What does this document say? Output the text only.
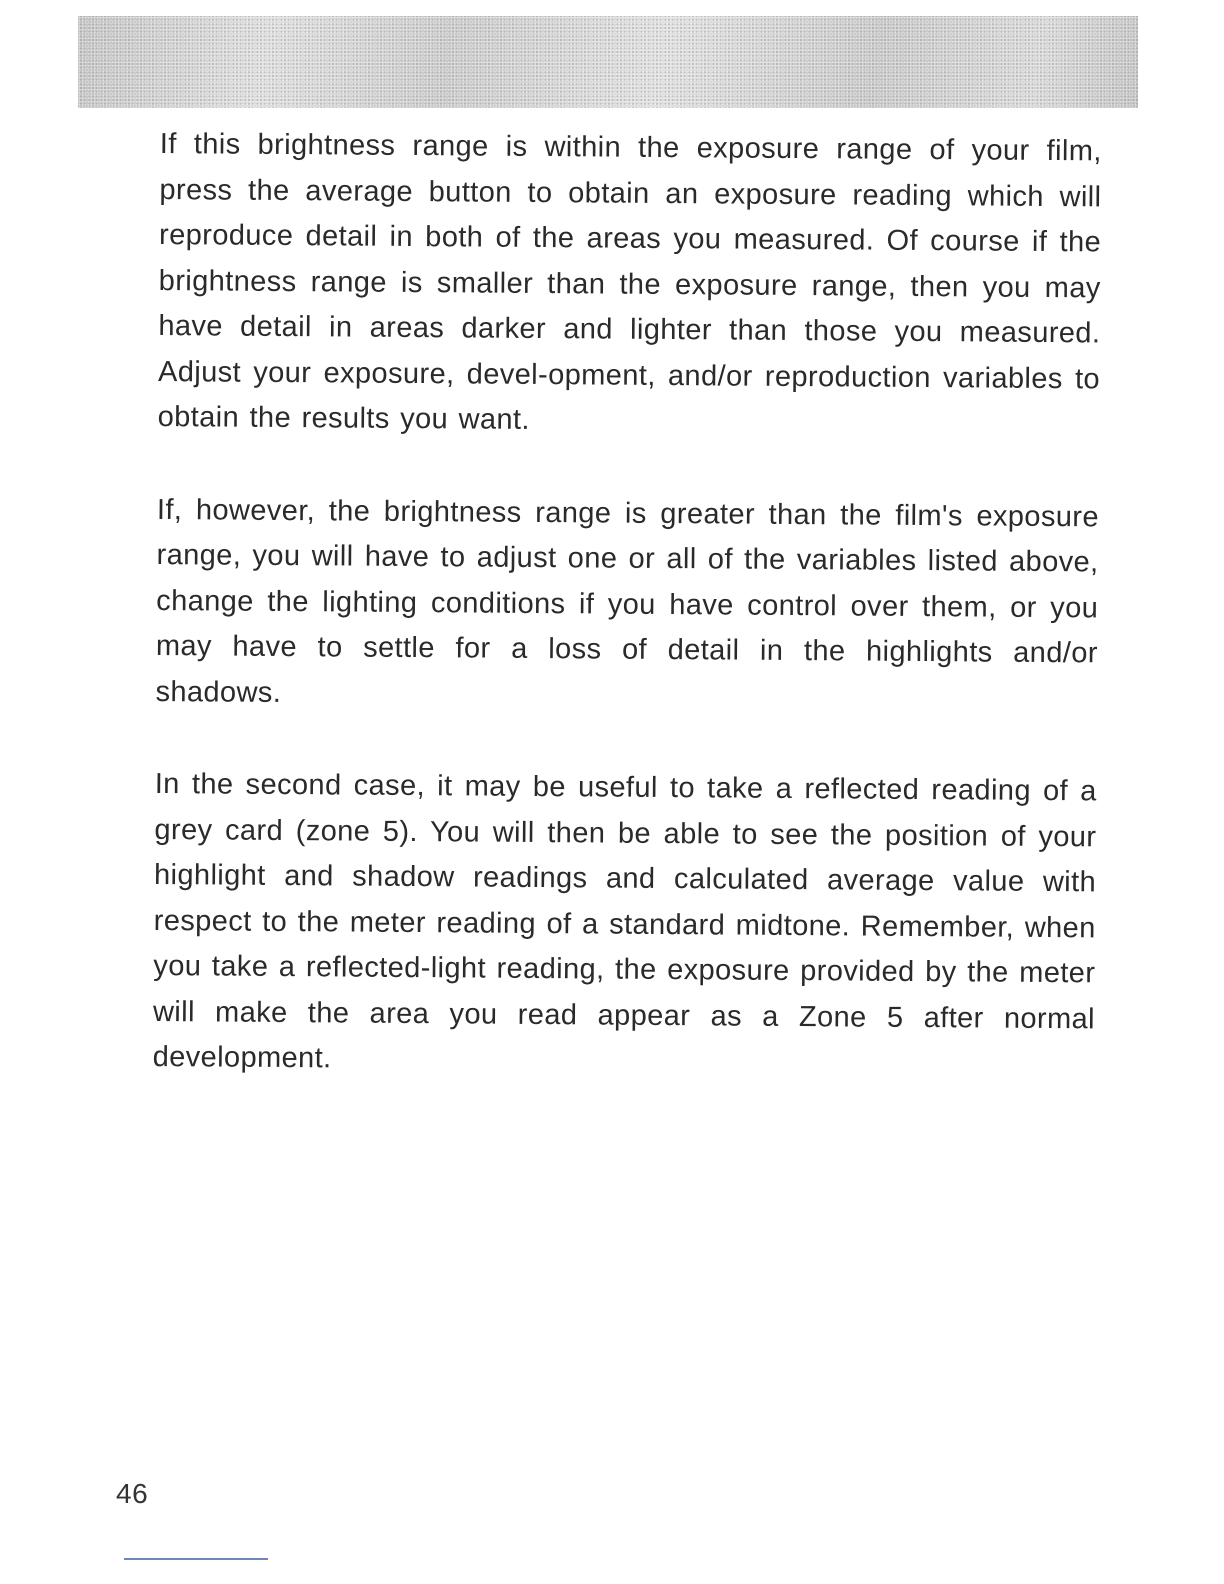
If this brightness range is within the exposure range of your film, press the average button to obtain an exposure reading which will reproduce detail in both of the areas you measured. Of course if the brightness range is smaller than the exposure range, then you may have detail in areas darker and lighter than those you measured. Adjust your exposure, devel-opment, and/or reproduction variables to obtain the results you want.

If, however, the brightness range is greater than the film's exposure range, you will have to adjust one or all of the variables listed above, change the lighting conditions if you have control over them, or you may have to settle for a loss of detail in the highlights and/or shadows.

In the second case, it may be useful to take a reflected reading of a grey card (zone 5). You will then be able to see the position of your highlight and shadow readings and calculated average value with respect to the meter reading of a standard midtone. Remember, when you take a reflected-light reading, the exposure provided by the meter will make the area you read appear as a Zone 5 after normal development.

46
